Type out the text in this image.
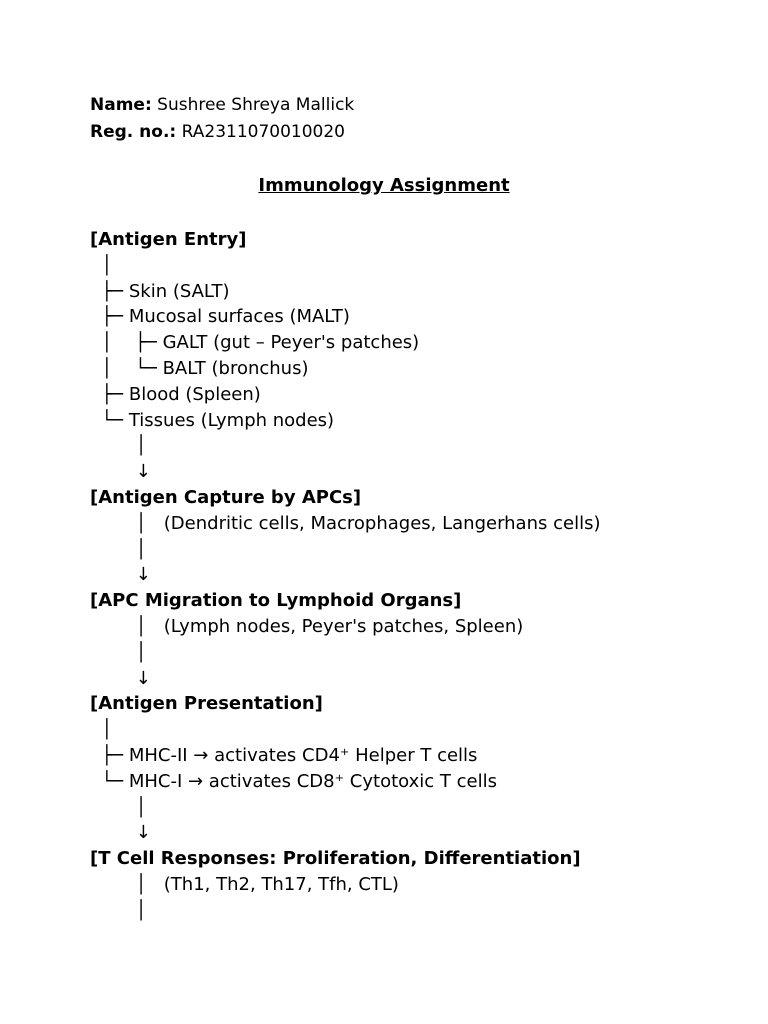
Name: Sushree Shreya Mallick
Reg. no.: RA2311070010020
Immunology Assignment
[Antigen Entry]
│
├─ Skin (SALT)
├─ Mucosal surfaces (MALT)
│    ├─ GALT (gut – Peyer's patches)
│    └─ BALT (bronchus)
├─ Blood (Spleen)
└─ Tissues (Lymph nodes)
│
↓
[Antigen Capture by APCs]
│   (Dendritic cells, Macrophages, Langerhans cells)
│
↓
[APC Migration to Lymphoid Organs]
│   (Lymph nodes, Peyer's patches, Spleen)
│
↓
[Antigen Presentation]
│
├─ MHC-II → activates CD4⁺ Helper T cells
└─ MHC-I → activates CD8⁺ Cytotoxic T cells
│
↓
[T Cell Responses: Proliferation, Differentiation]
│   (Th1, Th2, Th17, Tfh, CTL)
│
